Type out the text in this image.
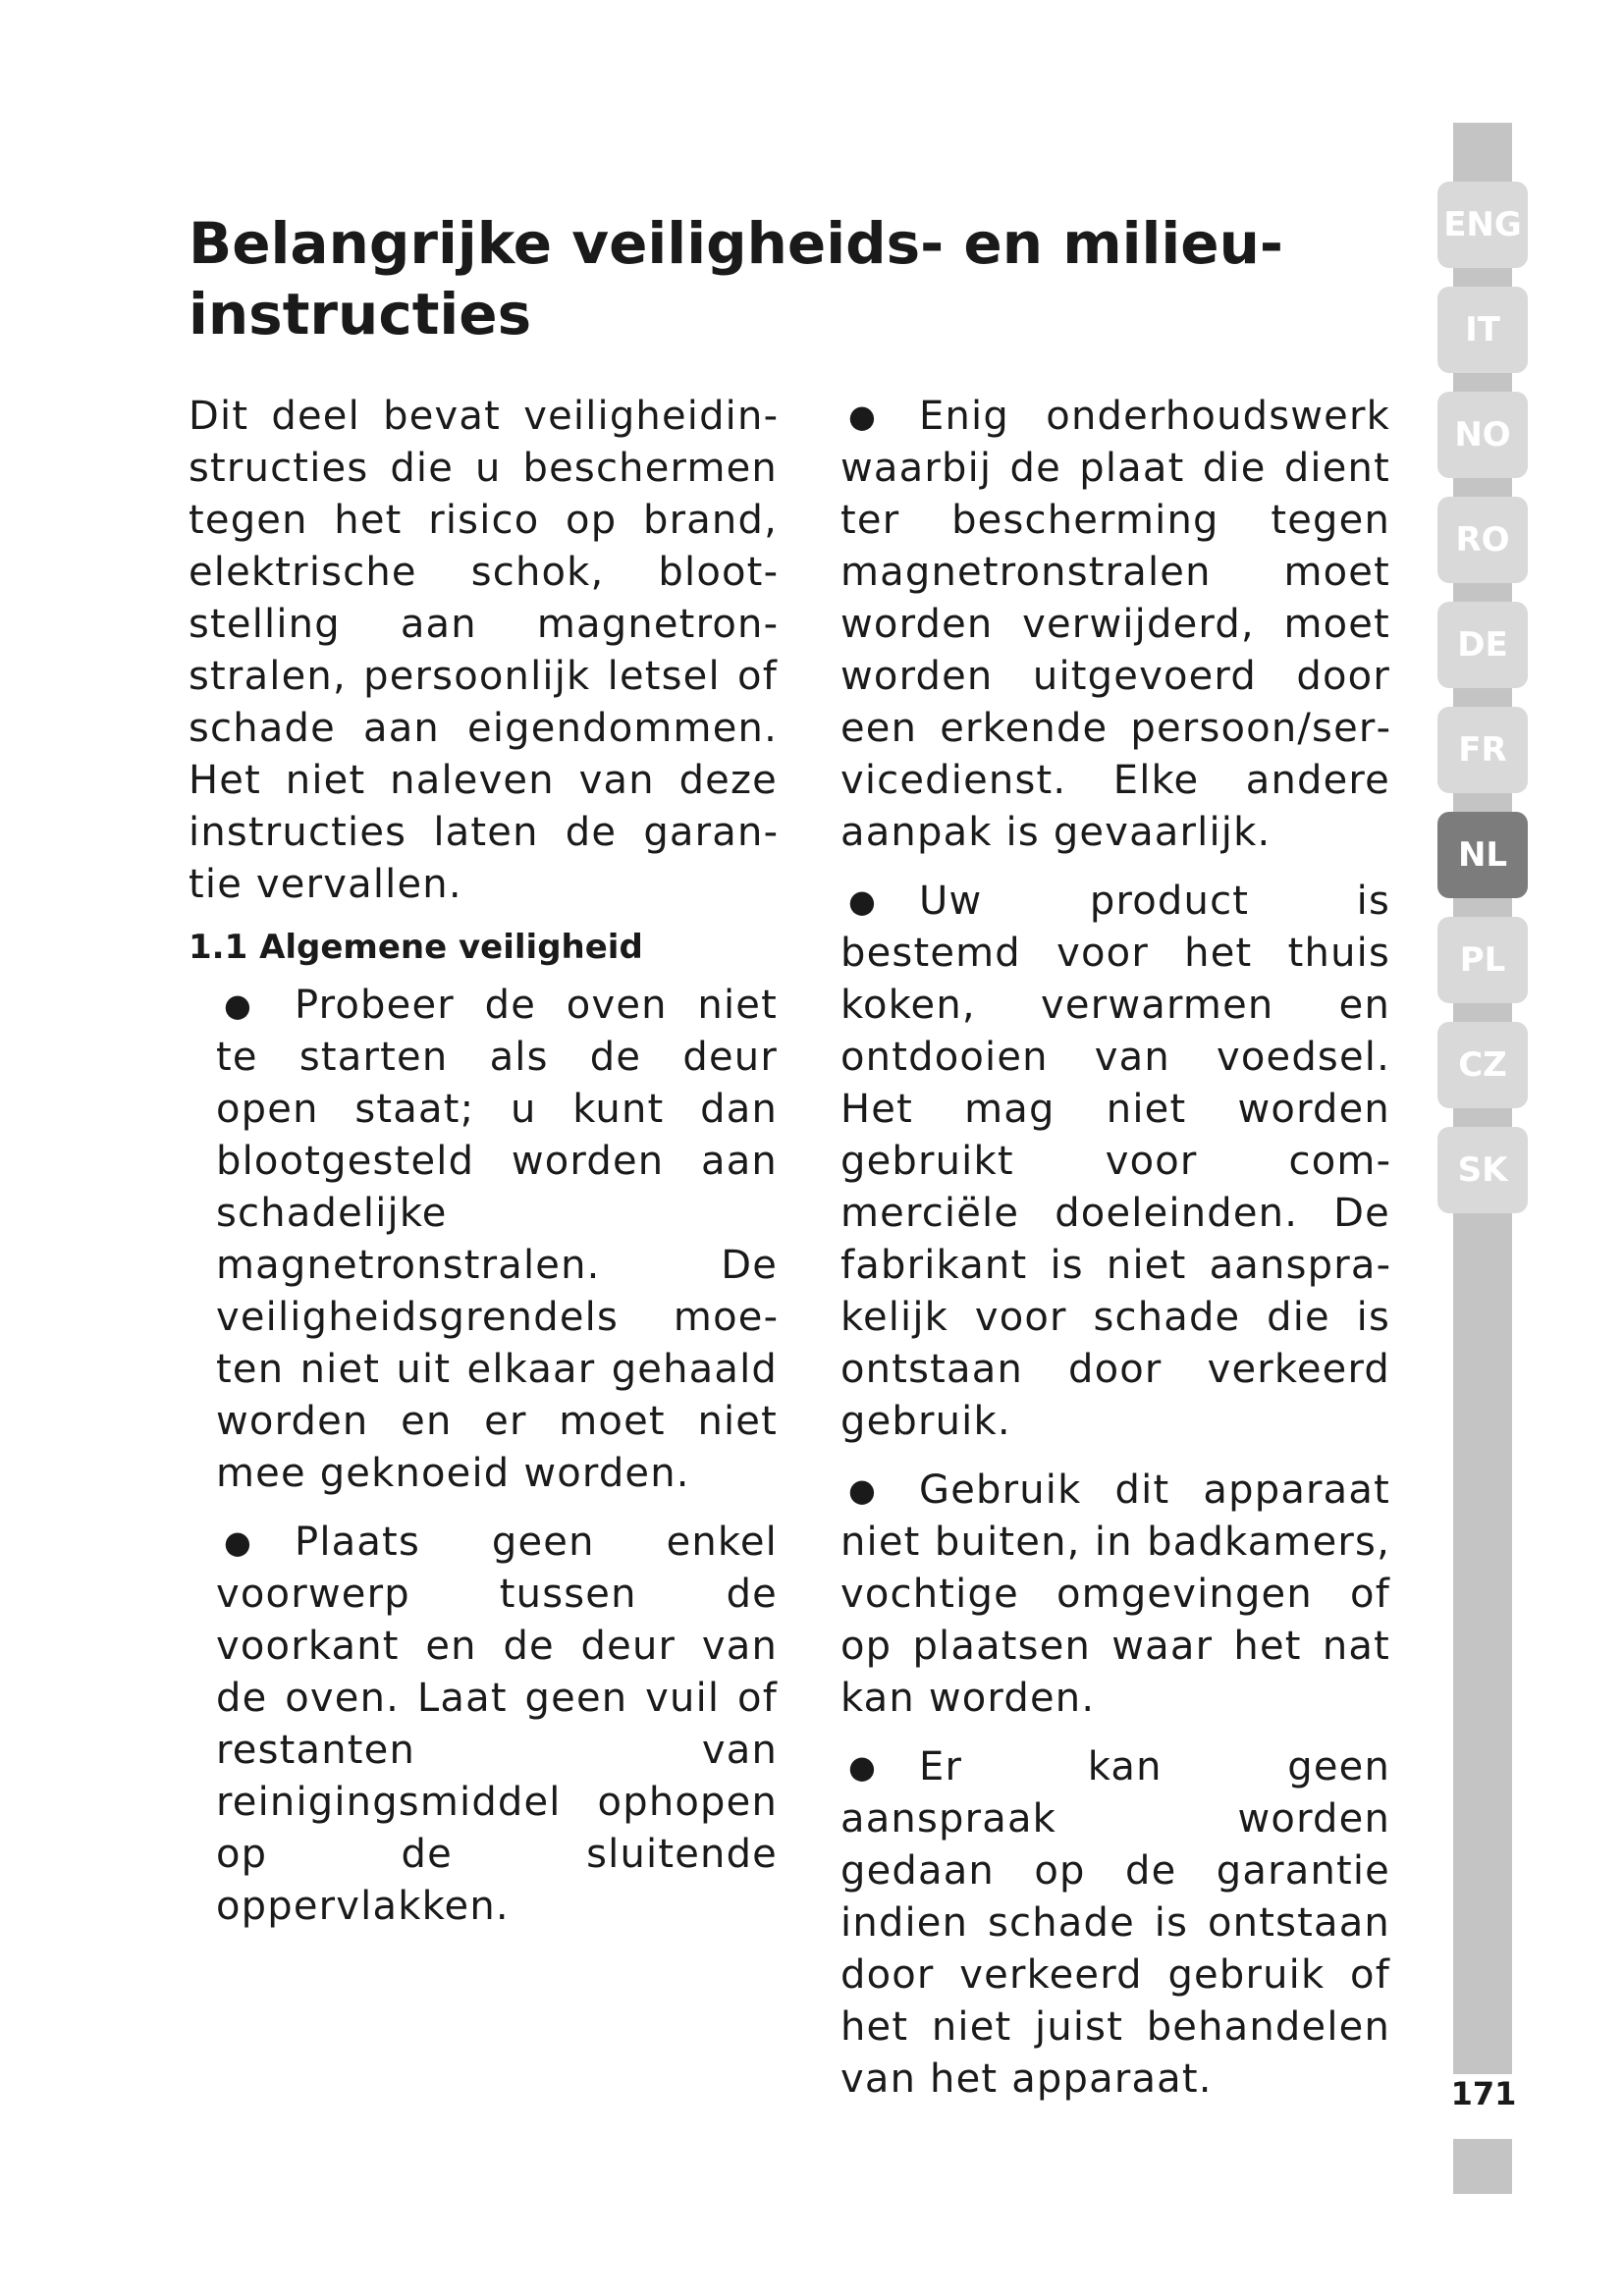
Belangrijke veiligheids- en milieu-instructies

Dit deel bevat veiligheidinstructies die u beschermen tegen het risico op brand, elektrische schok, blootstelling aan magnetronstralen, persoonlijk letsel of schade aan eigendommen. Het niet naleven van deze instructies laten de garantie vervallen.

1.1 Algemene veiligheid

● Probeer de oven niet te starten als de deur open staat; u kunt dan blootgesteld worden aan schadelijke magnetronstralen. De veiligheidsgrendels moeten niet uit elkaar gehaald worden en er moet niet mee geknoeid worden.

● Plaats geen enkel voorwerp tussen de voorkant en de deur van de oven. Laat geen vuil of restanten van reinigingsmiddel ophopen op de sluitende oppervlakken.

● Enig onderhoudswerk waarbij de plaat die dient ter bescherming tegen magnetronstralen moet worden verwijderd, moet worden uitgevoerd door een erkende persoon/servicedienst. Elke andere aanpak is gevaarlijk.

● Uw product is bestemd voor het thuis koken, verwarmen en ontdooien van voedsel. Het mag niet worden gebruikt voor commerciële doeleinden. De fabrikant is niet aansprakelijk voor schade die is ontstaan door verkeerd gebruik.

● Gebruik dit apparaat niet buiten, in badkamers, vochtige omgevingen of op plaatsen waar het nat kan worden.

● Er kan geen aanspraak worden gedaan op de garantie indien schade is ontstaan door verkeerd gebruik of het niet juist behandelen van het apparaat.

ENG
IT
NO
RO
DE
FR
NL
PL
CZ
SK
171
